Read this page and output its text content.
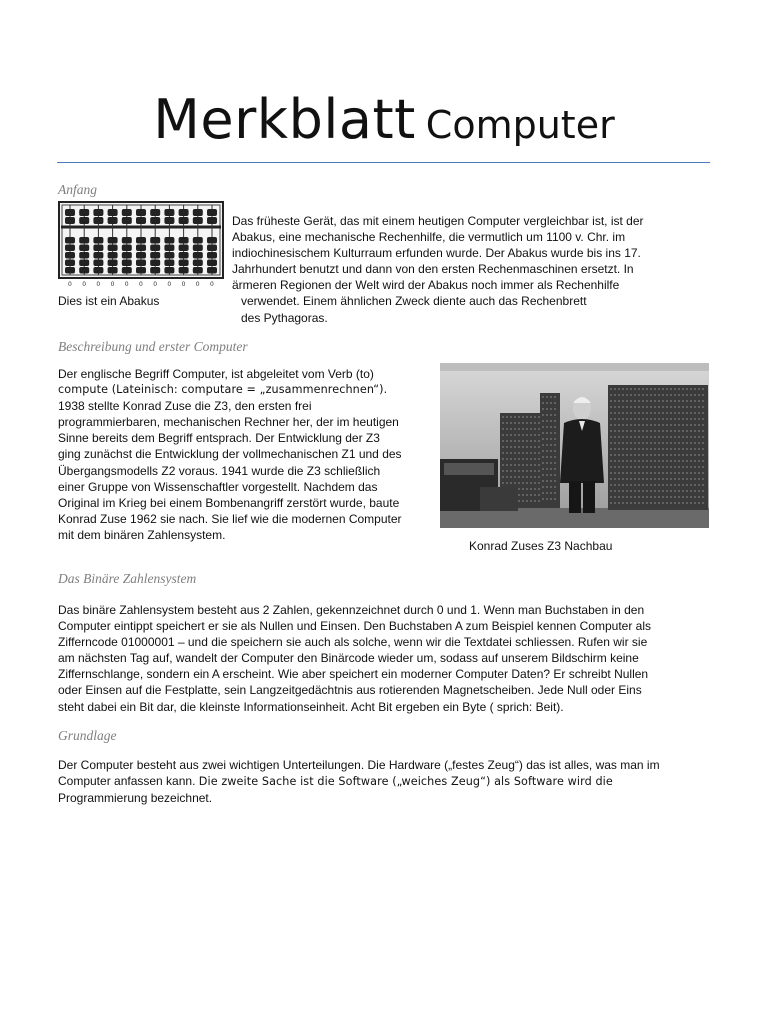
Merkblatt Computer
Anfang
0 0 0 0 0 0 0 0 0 0 0
Dies ist ein Abakus
Das früheste Gerät, das mit einem heutigen Computer vergleichbar ist, ist der
Abakus, eine mechanische Rechenhilfe, die vermutlich um 1100 v. Chr. im
indiochinesischem Kulturraum erfunden wurde. Der Abakus wurde bis ins 17.
Jahrhundert benutzt und dann von den ersten Rechenmaschinen ersetzt. In
ärmeren Regionen der Welt wird der Abakus noch immer als Rechenhilfe
verwendet. Einem ähnlichen Zweck diente auch das Rechenbrett
des Pythagoras.
Beschreibung und erster Computer
Der englische Begriff Computer, ist abgeleitet vom Verb (to)
compute (Lateinisch: computare = „zusammenrechnen“).
1938 stellte Konrad Zuse die Z3, den ersten frei
programmierbaren, mechanischen Rechner her, der im heutigen
Sinne bereits dem Begriff entsprach. Der Entwicklung der Z3
ging zunächst die Entwicklung der vollmechanischen Z1 und des
Übergangsmodells Z2 voraus. 1941 wurde die Z3 schließlich
einer Gruppe von Wissenschaftler vorgestellt. Nachdem das
Original im Krieg bei einem Bombenangriff zerstört wurde, baute
Konrad Zuse 1962 sie nach. Sie lief wie die modernen Computer
mit dem binären Zahlensystem.
Konrad Zuses Z3 Nachbau
Das Binäre Zahlensystem
Das binäre Zahlensystem besteht aus 2 Zahlen, gekennzeichnet durch 0 und 1. Wenn man Buchstaben in den
Computer eintippt speichert er sie als Nullen und Einsen. Den Buchstaben A zum Beispiel kennen Computer als
Zifferncode 01000001 – und die speichern sie auch als solche, wenn wir die Textdatei schliessen. Rufen wir sie
am nächsten Tag auf, wandelt der Computer den Binärcode wieder um, sodass auf unserem Bildschirm keine
Ziffernschlange, sondern ein A erscheint. Wie aber speichert ein moderner Computer Daten? Er schreibt Nullen
oder Einsen auf die Festplatte, sein Langzeitgedächtnis aus rotierenden Magnetscheiben. Jede Null oder Eins
steht dabei ein Bit dar, die kleinste Informationseinheit. Acht Bit ergeben ein Byte ( sprich: Beit).
Grundlage
Der Computer besteht aus zwei wichtigen Unterteilungen. Die Hardware („festes Zeug“) das ist alles, was man im
Computer anfassen kann. Die zweite Sache ist die Software („weiches Zeug“) als Software wird die
Programmierung bezeichnet.
